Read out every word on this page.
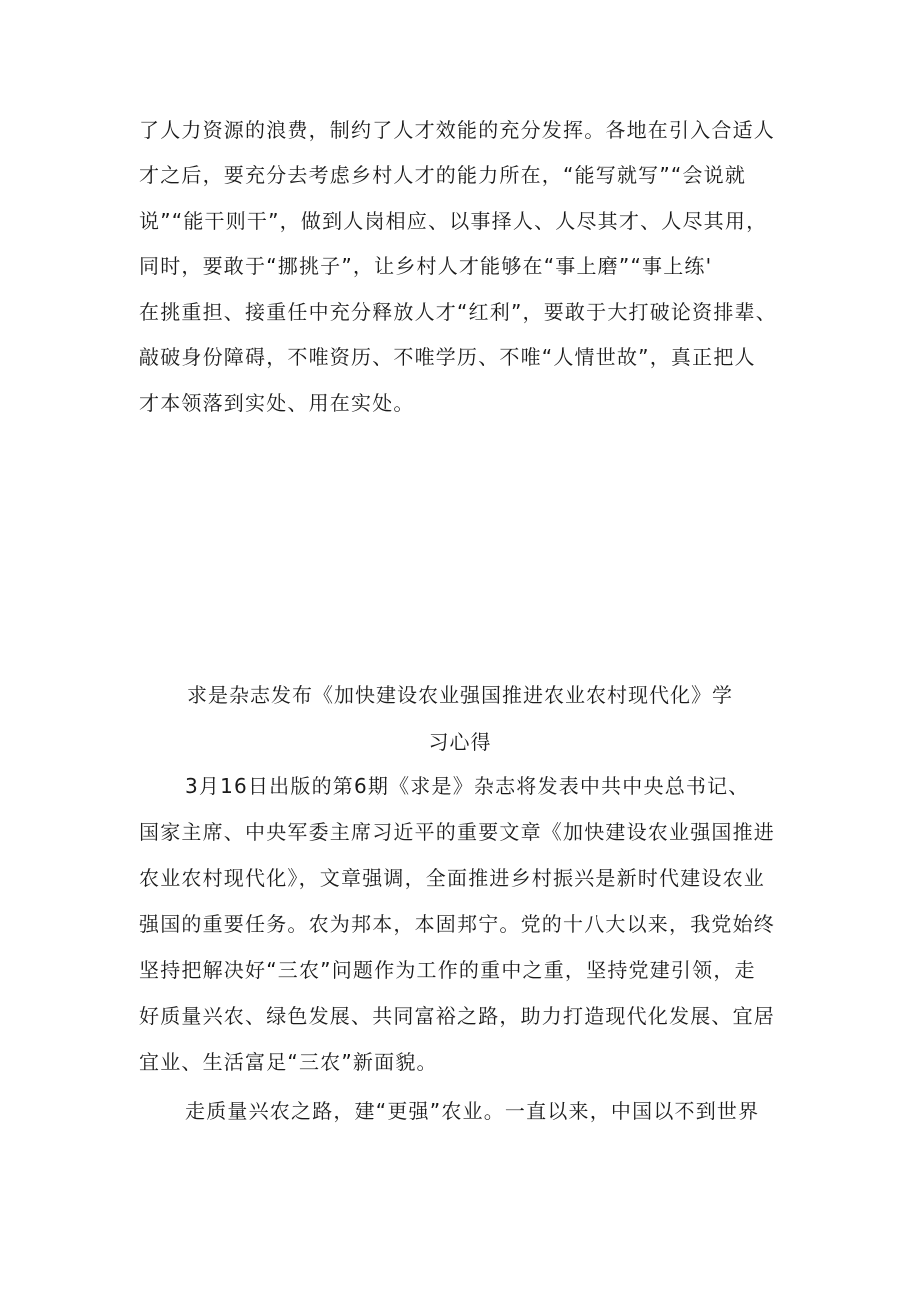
了人力资源的浪费，制约了人才效能的充分发挥。各地在引入合适人
才之后，要充分去考虑乡村人才的能力所在，“能写就写”“会说就
说”“能干则干”，做到人岗相应、以事择人、人尽其才、人尽其用，
同时，要敢于“挪挑子”，让乡村人才能够在“事上磨”“事上练'
在挑重担、接重任中充分释放人才“红利”，要敢于大打破论资排辈、
敲破身份障碍，不唯资历、不唯学历、不唯“人情世故”，真正把人
才本领落到实处、用在实处。
求是杂志发布《加快建设农业强国推进农业农村现代化》学
习心得
3月16日出版的第6期《求是》杂志将发表中共中央总书记、
国家主席、中央军委主席习近平的重要文章《加快建设农业强国推进
农业农村现代化》，文章强调，全面推进乡村振兴是新时代建设农业
强国的重要任务。农为邦本，本固邦宁。党的十八大以来，我党始终
坚持把解决好“三农”问题作为工作的重中之重，坚持党建引领，走
好质量兴农、绿色发展、共同富裕之路，助力打造现代化发展、宜居
宜业、生活富足“三农”新面貌。
走质量兴农之路，建“更强”农业。一直以来，中国以不到世界
